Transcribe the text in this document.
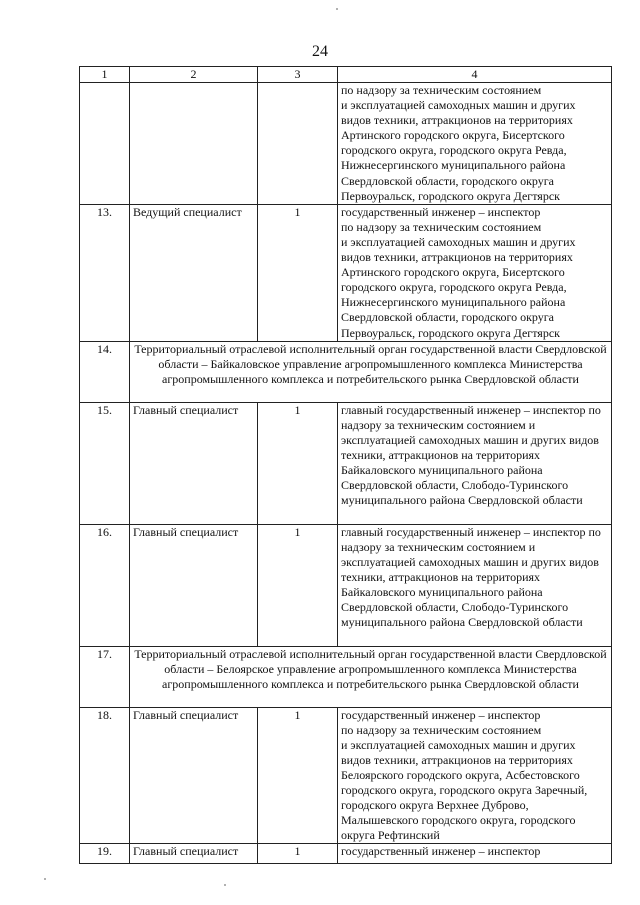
24
1	2	3	4
			по надзору за техническим состоянием
и эксплуатацией самоходных машин и других видов техники, аттракционов на территориях Артинского городского округа, Бисертского городского округа, городского округа Ревда, Нижнесергинского муниципального района Свердловской области, городского округа Первоуральск, городского округа Дегтярск
13.	Ведущий специалист	1	государственный инженер – инспектор
по надзору за техническим состоянием
и эксплуатацией самоходных машин и других видов техники, аттракционов на территориях Артинского городского округа, Бисертского городского округа, городского округа Ревда, Нижнесергинского муниципального района Свердловской области, городского округа Первоуральск, городского округа Дегтярск
14.	Территориальный отраслевой исполнительный орган государственной власти Свердловской области – Байкаловское управление агропромышленного комплекса Министерства агропромышленного комплекса и потребительского рынка Свердловской области		
15.	Главный специалист	1	главный государственный инженер – инспектор по надзору за техническим состоянием и эксплуатацией самоходных машин и других видов техники, аттракционов на территориях Байкаловского муниципального района Свердловской области, Слободо-Туринского муниципального района Свердловской области
16.	Главный специалист	1	главный государственный инженер – инспектор по надзору за техническим состоянием и эксплуатацией самоходных машин и других видов техники, аттракционов на территориях Байкаловского муниципального района Свердловской области, Слободо-Туринского муниципального района Свердловской области
17.	Территориальный отраслевой исполнительный орган государственной власти Свердловской области – Белоярское управление агропромышленного комплекса Министерства агропромышленного комплекса и потребительского рынка Свердловской области		
18.	Главный специалист	1	государственный инженер – инспектор
по надзору за техническим состоянием
и эксплуатацией самоходных машин и других видов техники, аттракционов на территориях Белоярского городского округа, Асбестовского городского округа, городского округа Заречный, городского округа Верхнее Дуброво, Малышевского городского округа, городского округа Рефтинский
19.	Главный специалист	1	государственный инженер – инспектор
